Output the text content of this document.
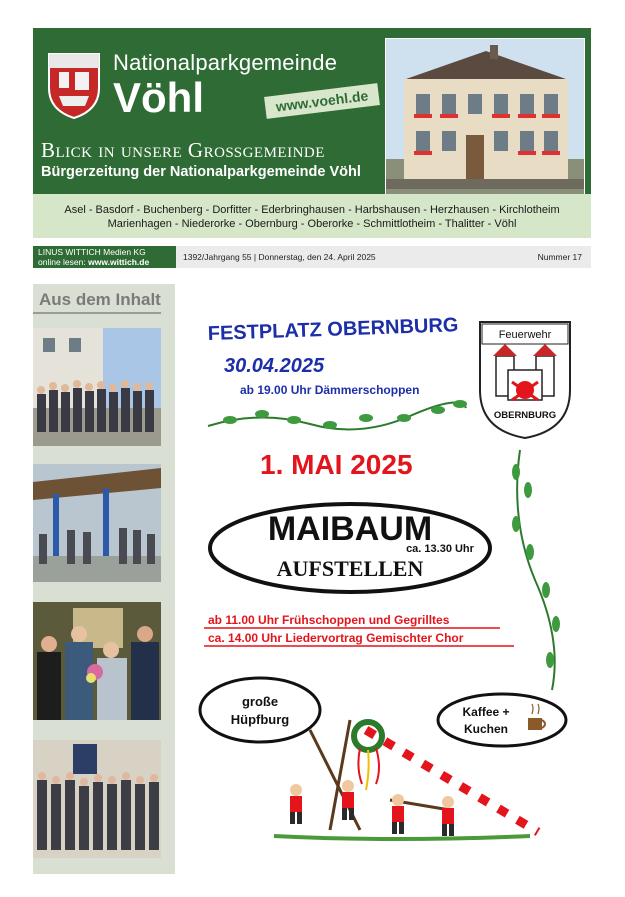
Nationalparkgemeinde
Vöhl	www.voehl.de
Blick in unsere Großgemeinde
Bürgerzeitung der Nationalparkgemeinde Vöhl
Asel - Basdorf - Buchenberg - Dorfitter - Ederbringhausen - Harbshausen - Herzhausen - Kirchlotheim
Marienhagen - Niederorke - Obernburg - Oberorke - Schmittlotheim - Thalitter - Vöhl
LINUS WITTICH Medien KG
online lesen: www.wittich.de	1392/Jahrgang 55 | Donnerstag, den 24. April 2025	Nummer 17
Aus dem Inhalt
FESTPLATZ OBERNBURG
30.04.2025
ab 19.00 Uhr Dämmerschoppen
Feuerwehr
OBERNBURG
1. MAI 2025
MAIBAUM
ca. 13.30 Uhr
AUFSTELLEN
ab 11.00 Uhr Frühschoppen und Gegrilltes
ca. 14.00 Uhr Liedervortrag Gemischter Chor
große
Hüpfburg	Kaffee +
Kuchen
